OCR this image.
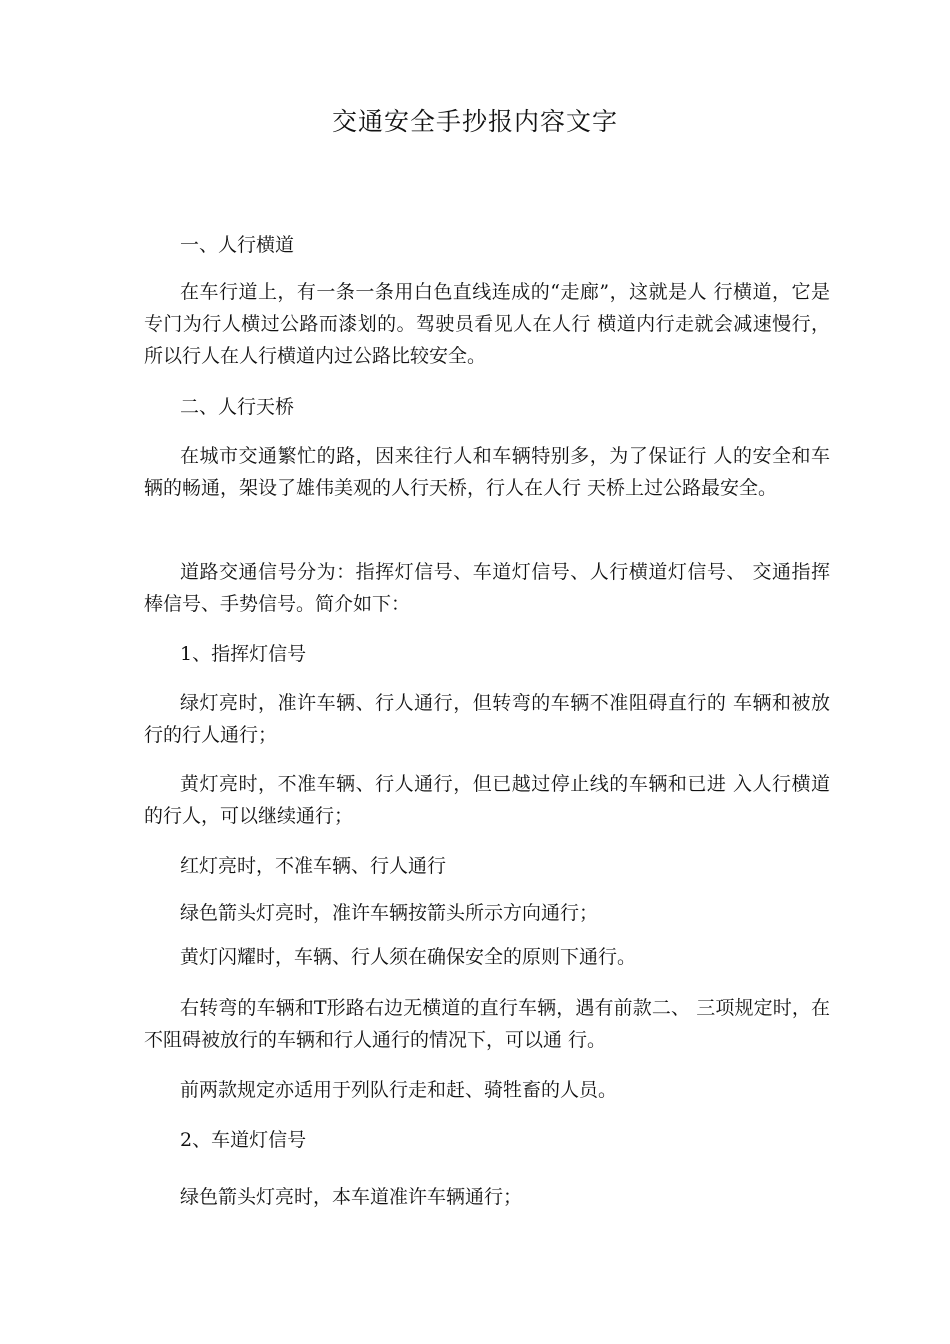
交通安全手抄报内容文字

一、人行横道

在车行道上，有一条一条用白色直线连成的“走廊”，这就是人 行横道，它是专门为行人横过公路而漆划的。驾驶员看见人在人行 横道内行走就会减速慢行，所以行人在人行横道内过公路比较安全。

二、人行天桥

在城市交通繁忙的路，因来往行人和车辆特别多，为了保证行 人的安全和车辆的畅通，架设了雄伟美观的人行天桥，行人在人行 天桥上过公路最安全。

道路交通信号分为：指挥灯信号、车道灯信号、人行横道灯信号、 交通指挥棒信号、手势信号。简介如下：

1、指挥灯信号

绿灯亮时，准许车辆、行人通行，但转弯的车辆不准阻碍直行的 车辆和被放行的行人通行；

黄灯亮时，不准车辆、行人通行，但已越过停止线的车辆和已进 入人行横道的行人，可以继续通行；

红灯亮时，不准车辆、行人通行

绿色箭头灯亮时，准许车辆按箭头所示方向通行；

黄灯闪耀时，车辆、行人须在确保安全的原则下通行。

右转弯的车辆和T形路右边无横道的直行车辆，遇有前款二、 三项规定时，在不阻碍被放行的车辆和行人通行的情况下，可以通 行。

前两款规定亦适用于列队行走和赶、骑牲畜的人员。

2、车道灯信号

绿色箭头灯亮时，本车道准许车辆通行；
